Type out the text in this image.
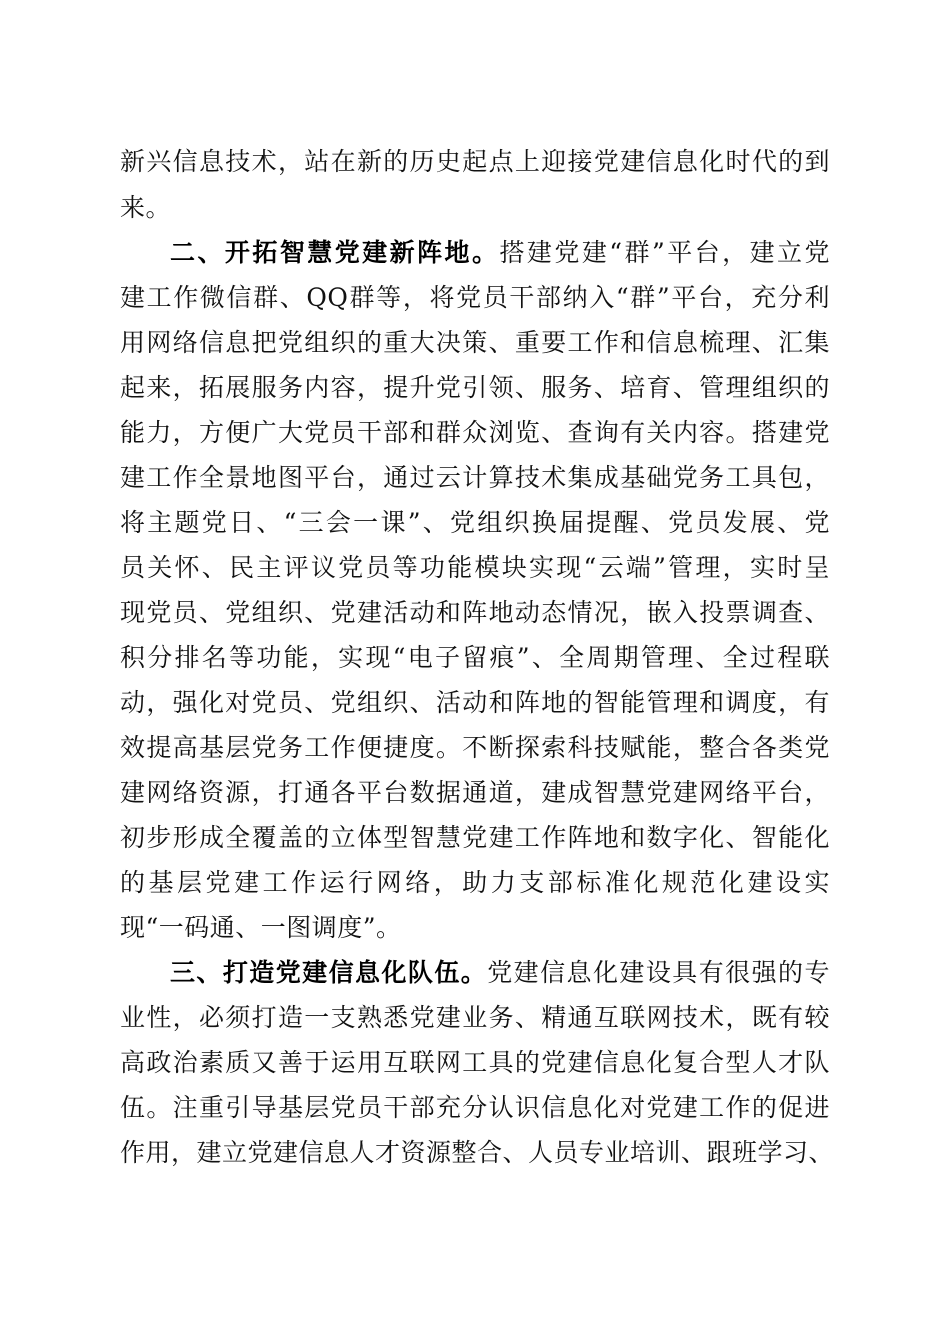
新兴信息技术，站在新的历史起点上迎接党建信息化时代的到
来。
二、开拓智慧党建新阵地。搭建党建“群”平台，建立党
建工作微信群、QQ群等，将党员干部纳入“群”平台，充分利
用网络信息把党组织的重大决策、重要工作和信息梳理、汇集
起来，拓展服务内容，提升党引领、服务、培育、管理组织的
能力，方便广大党员干部和群众浏览、查询有关内容。搭建党
建工作全景地图平台，通过云计算技术集成基础党务工具包，
将主题党日、“三会一课”、党组织换届提醒、党员发展、党
员关怀、民主评议党员等功能模块实现“云端”管理，实时呈
现党员、党组织、党建活动和阵地动态情况，嵌入投票调查、
积分排名等功能，实现“电子留痕”、全周期管理、全过程联
动，强化对党员、党组织、活动和阵地的智能管理和调度，有
效提高基层党务工作便捷度。不断探索科技赋能，整合各类党
建网络资源，打通各平台数据通道，建成智慧党建网络平台，
初步形成全覆盖的立体型智慧党建工作阵地和数字化、智能化
的基层党建工作运行网络，助力支部标准化规范化建设实
现“一码通、一图调度”。
三、打造党建信息化队伍。党建信息化建设具有很强的专
业性，必须打造一支熟悉党建业务、精通互联网技术，既有较
高政治素质又善于运用互联网工具的党建信息化复合型人才队
伍。注重引导基层党员干部充分认识信息化对党建工作的促进
作用，建立党建信息人才资源整合、人员专业培训、跟班学习、
